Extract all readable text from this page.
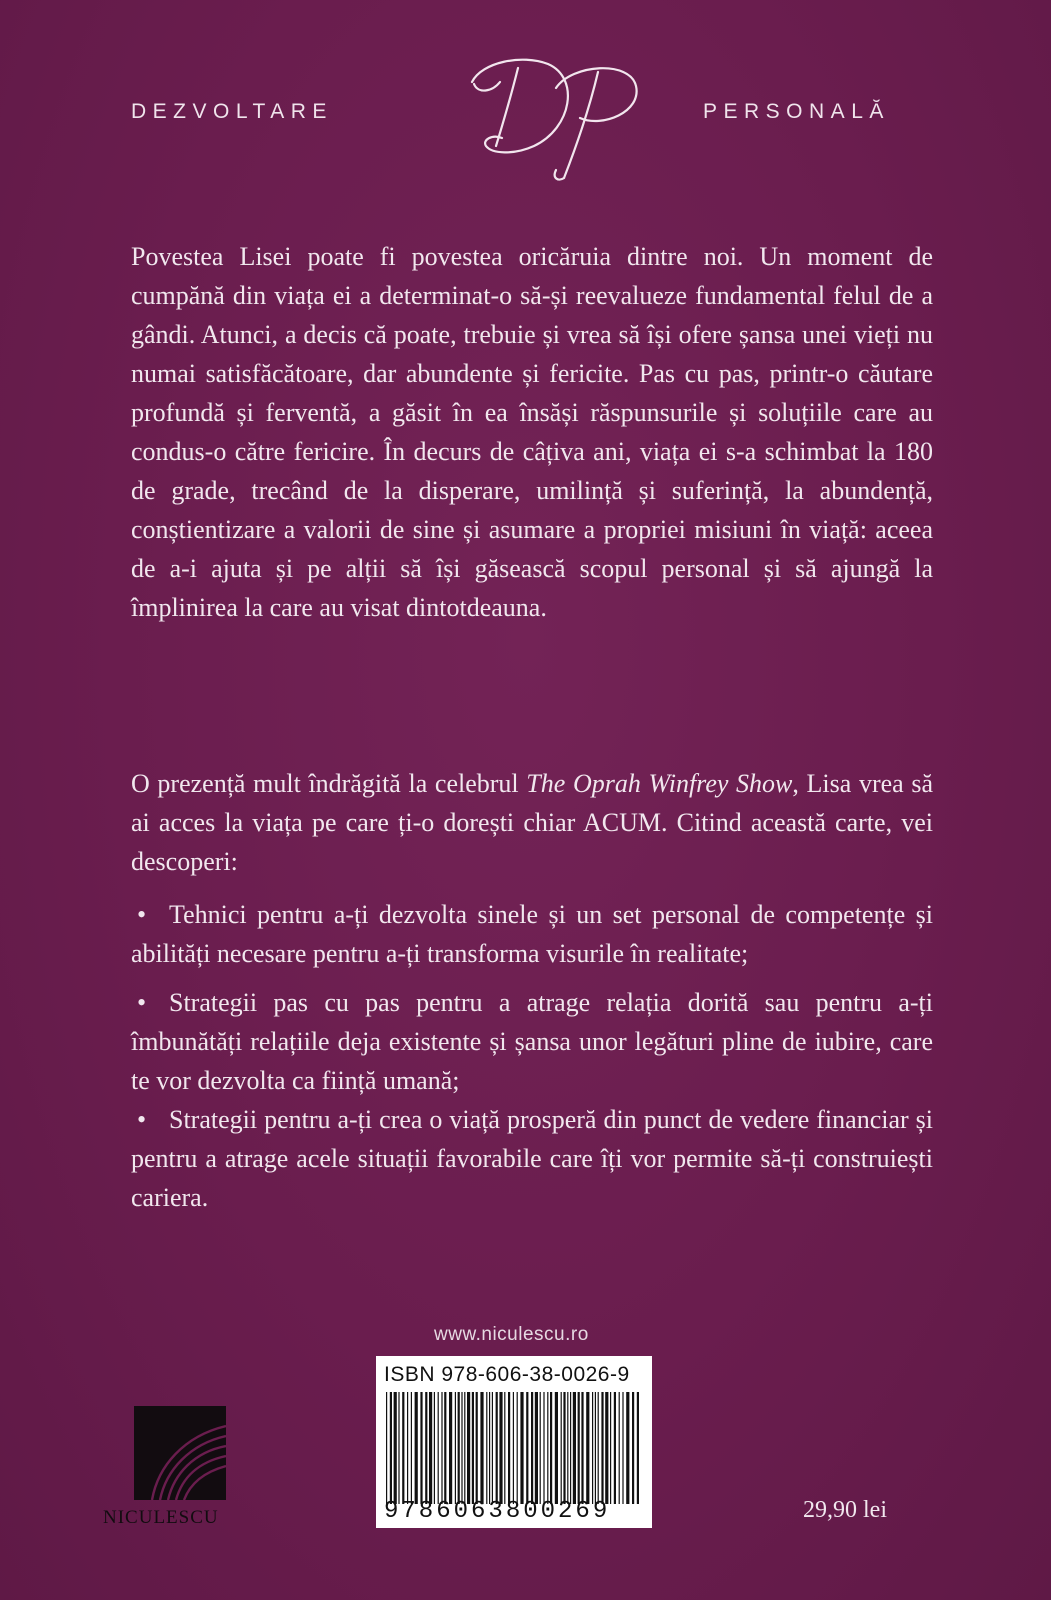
DEZVOLTARE	PERSONALĂ

Povestea Lisei poate fi povestea oricăruia dintre noi. Un moment de cumpănă din viața ei a determinat-o să-și reevalueze fundamental felul de a gândi. Atunci, a decis că poate, trebuie și vrea să își ofere șansa unei vieți nu numai satisfăcătoare, dar abundente și fericite. Pas cu pas, printr-o căutare profundă și ferventă, a găsit în ea însăși răspunsurile și soluțiile care au condus-o către fericire. În decurs de câțiva ani, viața ei s-a schimbat la 180 de grade, trecând de la disperare, umilință și suferință, la abundență, conștientizare a valorii de sine și asumare a propriei misiuni în viață: aceea de a-i ajuta și pe alții să își găsească scopul personal și să ajungă la împlinirea la care au visat dintotdeauna.

O prezență mult îndrăgită la celebrul The Oprah Winfrey Show, Lisa vrea să ai acces la viața pe care ți-o dorești chiar ACUM. Citind această carte, vei descoperi:

• Tehnici pentru a-ți dezvolta sinele și un set personal de competențe și abilități necesare pentru a-ți transforma visurile în realitate;
• Strategii pas cu pas pentru a atrage relația dorită sau pentru a-ți îmbunătăți relațiile deja existente și șansa unor legături pline de iubire, care te vor dezvolta ca ființă umană;
• Strategii pentru a-ți crea o viață prosperă din punct de vedere financiar și pentru a atrage acele situații favorabile care îți vor permite să-ți construiești cariera.
www.niculescu.ro
ISBN 978-606-38-0026-9
9786063800269	29,90 lei
NICULESCU
